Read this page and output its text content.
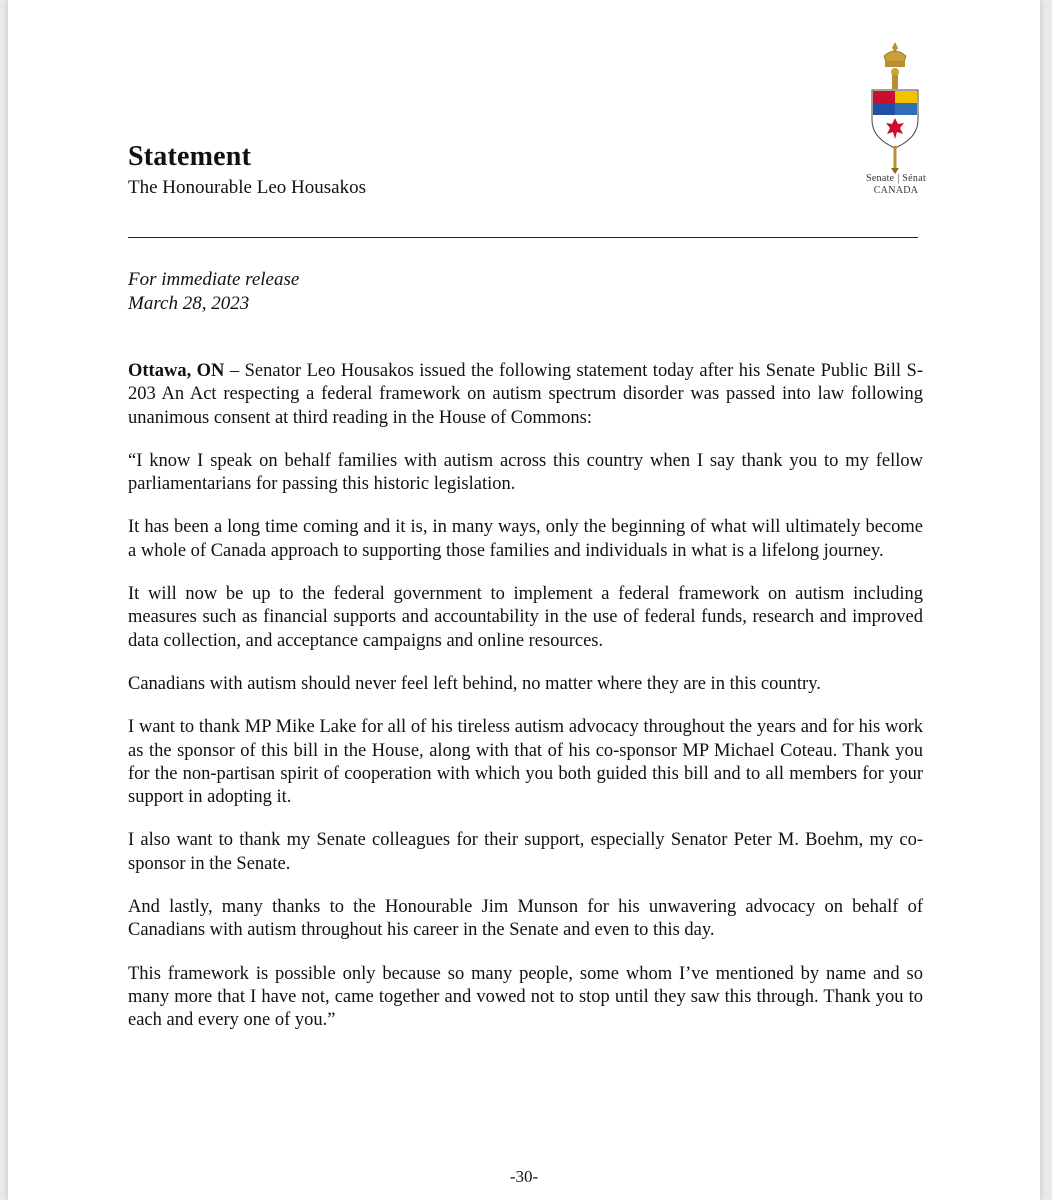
Senate | Sénat
CANADA
Statement
The Honourable Leo Housakos
For immediate release
March 28, 2023

Ottawa, ON – Senator Leo Housakos issued the following statement today after his Senate Public Bill S-203 An Act respecting a federal framework on autism spectrum disorder was passed into law following unanimous consent at third reading in the House of Commons:

“I know I speak on behalf families with autism across this country when I say thank you to my fellow parliamentarians for passing this historic legislation.

It has been a long time coming and it is, in many ways, only the beginning of what will ultimately become a whole of Canada approach to supporting those families and individuals in what is a lifelong journey.

It will now be up to the federal government to implement a federal framework on autism including measures such as financial supports and accountability in the use of federal funds, research and improved data collection, and acceptance campaigns and online resources.

Canadians with autism should never feel left behind, no matter where they are in this country.

I want to thank MP Mike Lake for all of his tireless autism advocacy throughout the years and for his work as the sponsor of this bill in the House, along with that of his co-sponsor MP Michael Coteau. Thank you for the non-partisan spirit of cooperation with which you both guided this bill and to all members for your support in adopting it.

I also want to thank my Senate colleagues for their support, especially Senator Peter M. Boehm, my co-sponsor in the Senate.

And lastly, many thanks to the Honourable Jim Munson for his unwavering advocacy on behalf of Canadians with autism throughout his career in the Senate and even to this day.

This framework is possible only because so many people, some whom I’ve mentioned by name and so many more that I have not, came together and vowed not to stop until they saw this through. Thank you to each and every one of you.”

-30-
